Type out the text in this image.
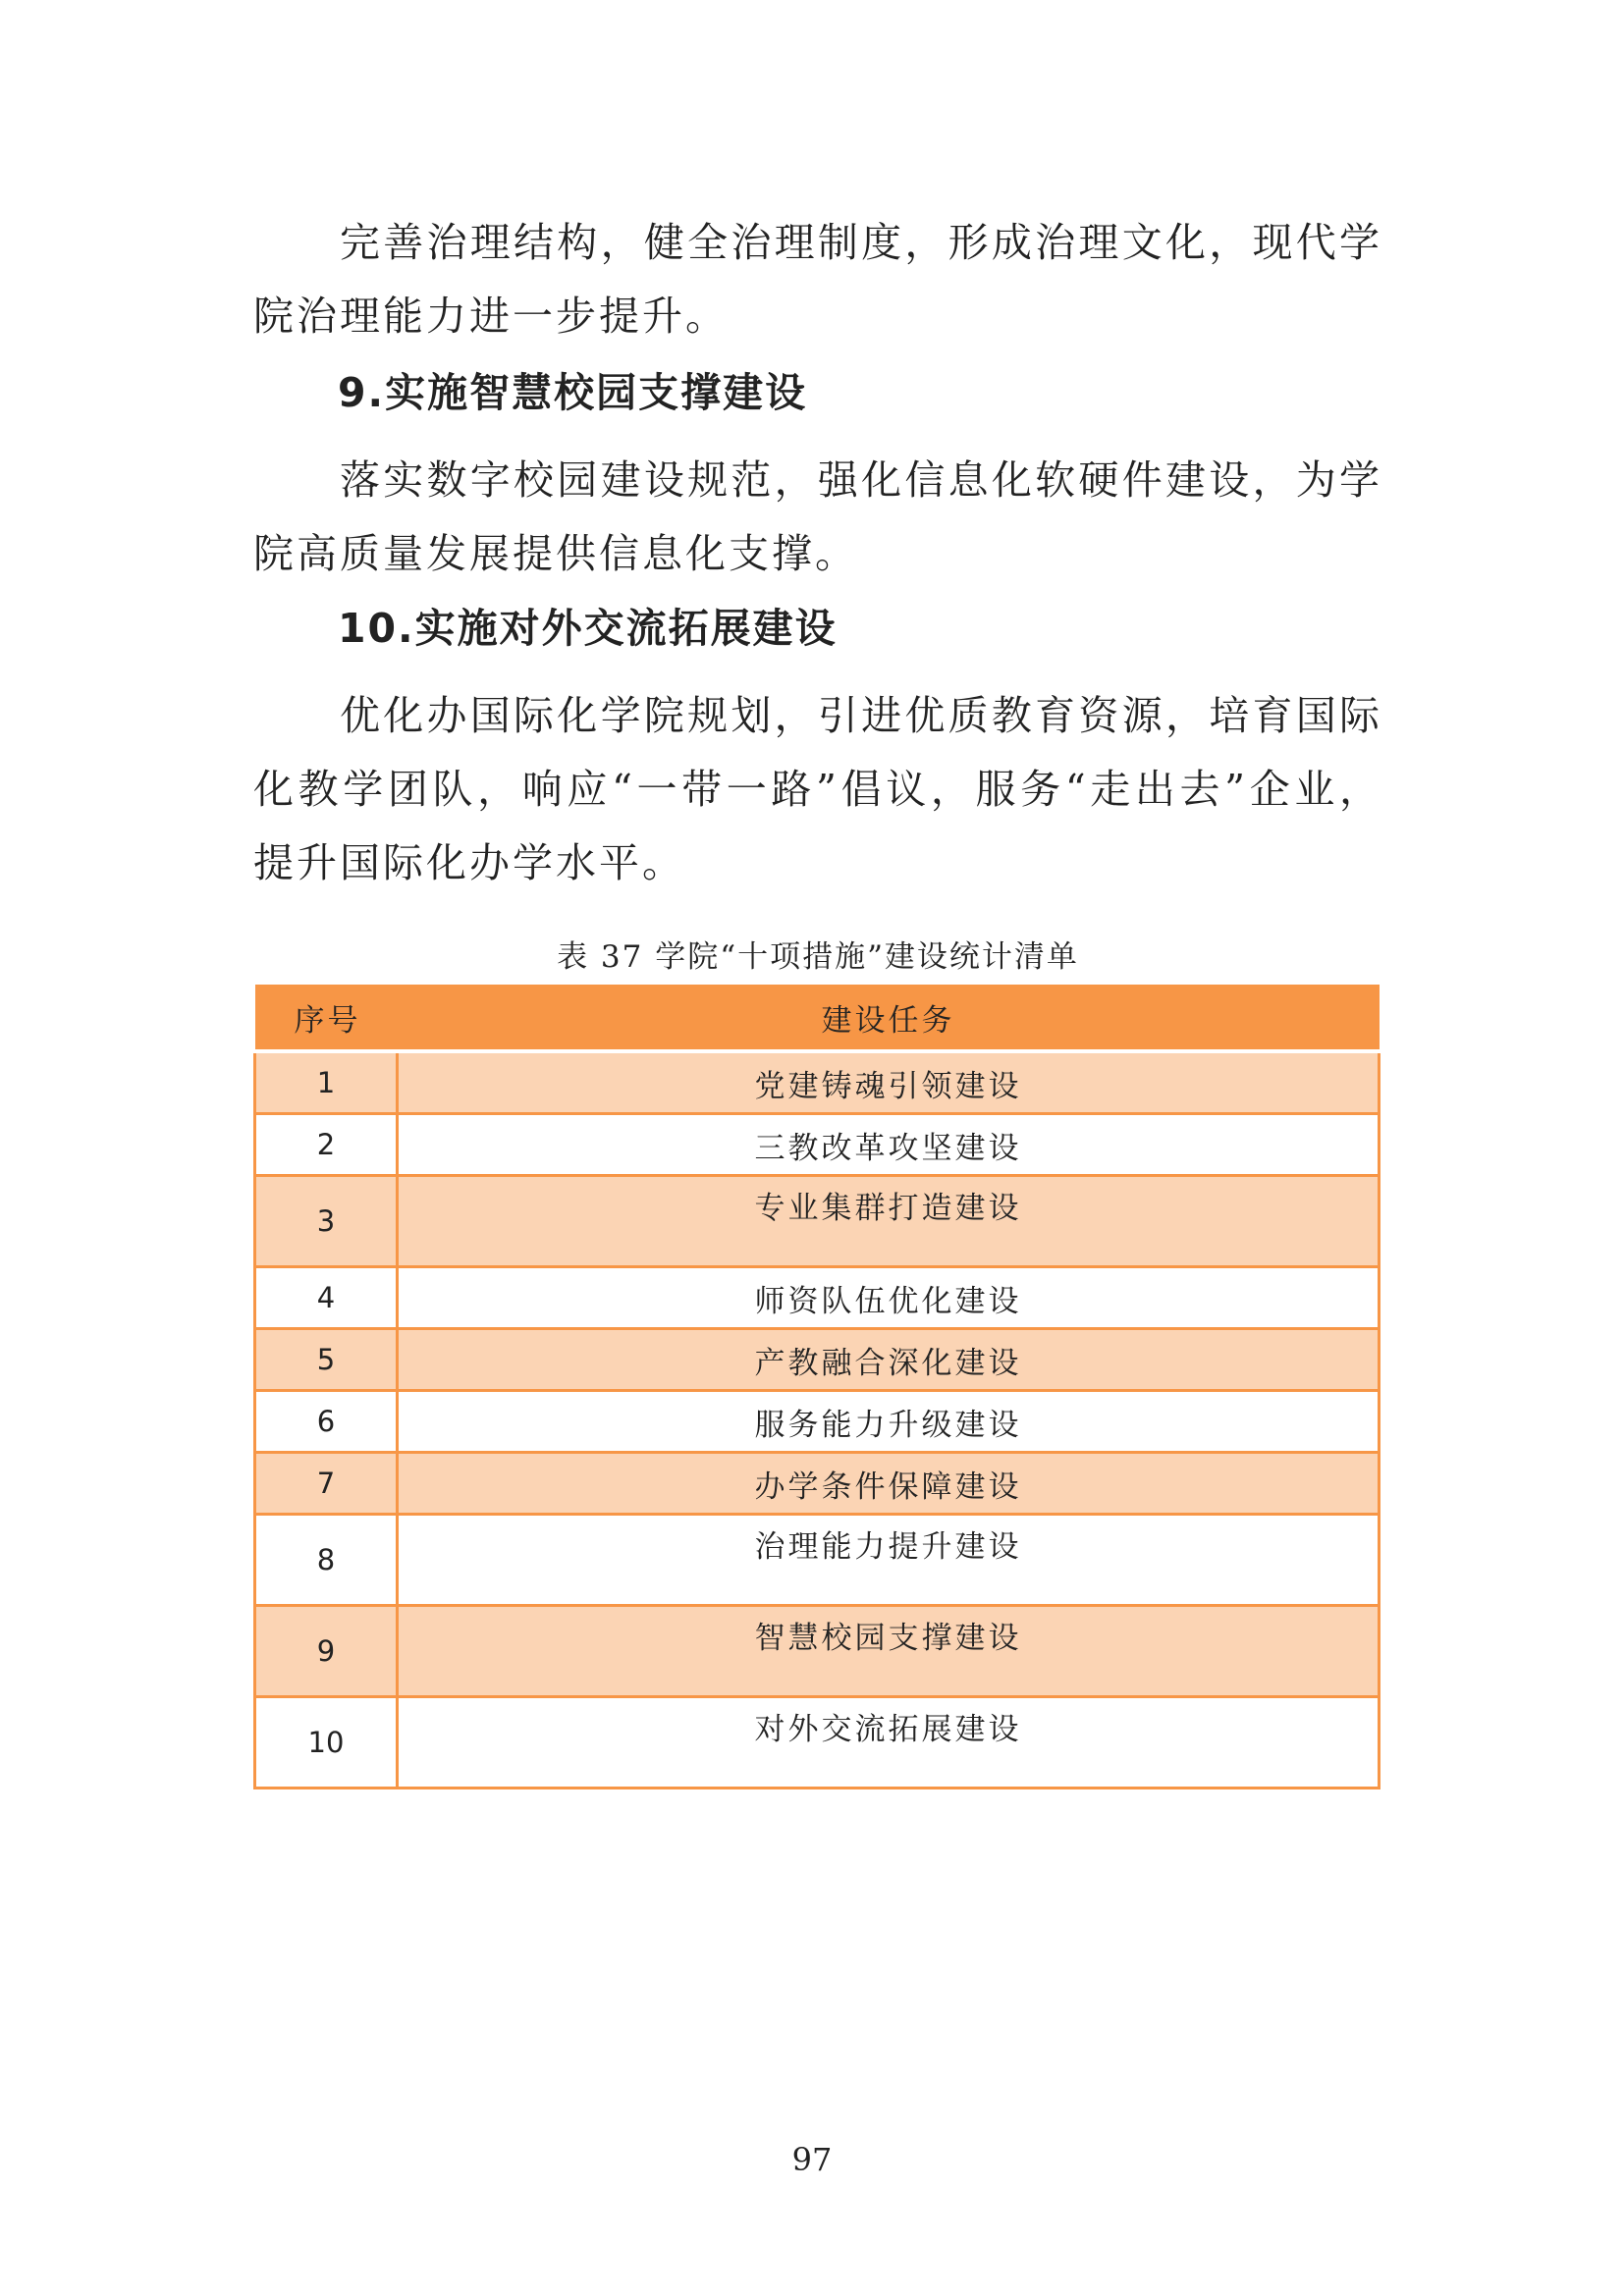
完善治理结构，健全治理制度，形成治理文化，现代学院治理能力进一步提升。

9.实施智慧校园支撑建设

落实数字校园建设规范，强化信息化软硬件建设，为学院高质量发展提供信息化支撑。

10.实施对外交流拓展建设

优化办国际化学院规划，引进优质教育资源，培育国际化教学团队，响应“一带一路”倡议，服务“走出去”企业，提升国际化办学水平。

表 37 学院“十项措施”建设统计清单
序号	建设任务
1	党建铸魂引领建设
2	三教改革攻坚建设
3	专业集群打造建设
4	师资队伍优化建设
5	产教融合深化建设
6	服务能力升级建设
7	办学条件保障建设
8	治理能力提升建设
9	智慧校园支撑建设
10	对外交流拓展建设
97
